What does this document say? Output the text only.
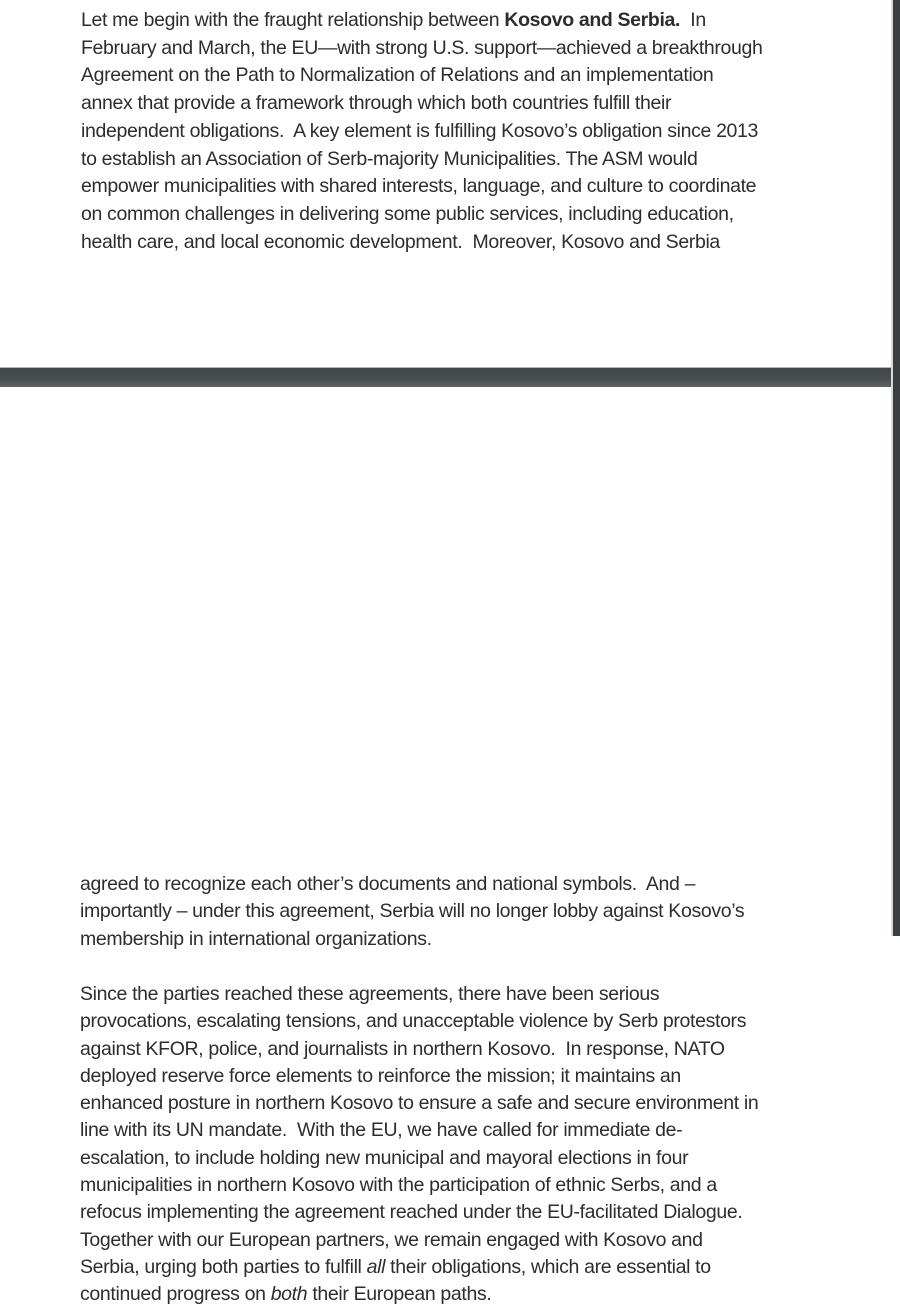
Let me begin with the fraught relationship between Kosovo and Serbia.  In
February and March, the EU—with strong U.S. support—achieved a breakthrough
Agreement on the Path to Normalization of Relations and an implementation
annex that provide a framework through which both countries fulfill their
independent obligations.  A key element is fulfilling Kosovo’s obligation since 2013
to establish an Association of Serb-majority Municipalities. The ASM would
empower municipalities with shared interests, language, and culture to coordinate
on common challenges in delivering some public services, including education,
health care, and local economic development.  Moreover, Kosovo and Serbia
agreed to recognize each other’s documents and national symbols.  And –
importantly – under this agreement, Serbia will no longer lobby against Kosovo’s
membership in international organizations.
Since the parties reached these agreements, there have been serious
provocations, escalating tensions, and unacceptable violence by Serb protestors
against KFOR, police, and journalists in northern Kosovo.  In response, NATO
deployed reserve force elements to reinforce the mission; it maintains an
enhanced posture in northern Kosovo to ensure a safe and secure environment in
line with its UN mandate.  With the EU, we have called for immediate de-
escalation, to include holding new municipal and mayoral elections in four
municipalities in northern Kosovo with the participation of ethnic Serbs, and a
refocus implementing the agreement reached under the EU-facilitated Dialogue.
Together with our European partners, we remain engaged with Kosovo and
Serbia, urging both parties to fulfill all their obligations, which are essential to
continued progress on both their European paths.
